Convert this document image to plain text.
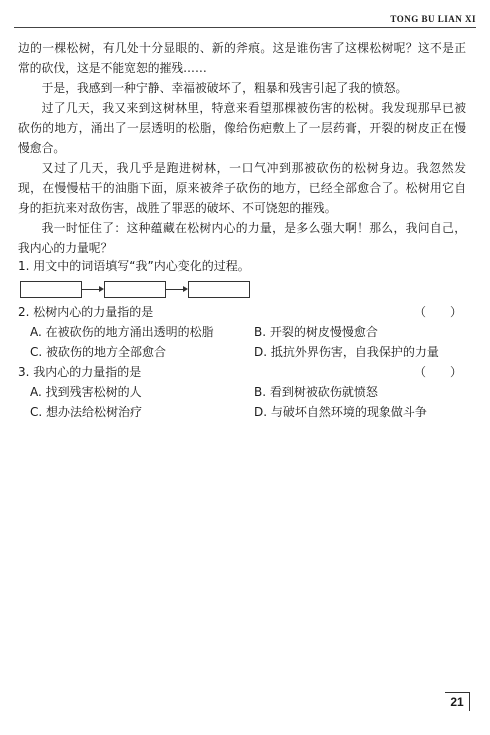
TONG BU LIAN XI

边的一棵松树，有几处十分显眼的、新的斧痕。这是谁伤害了这棵松树呢？这不是正常的砍伐，这是不能宽恕的摧残……

于是，我感到一种宁静、幸福被破坏了，粗暴和残害引起了我的愤怒。

过了几天，我又来到这树林里，特意来看望那棵被伤害的松树。我发现那早已被砍伤的地方，涌出了一层透明的松脂，像给伤疤敷上了一层药膏，开裂的树皮正在慢慢愈合。

又过了几天，我几乎是跑进树林，一口气冲到那被砍伤的松树身边。我忽然发现，在慢慢枯干的油脂下面，原来被斧子砍伤的地方，已经全部愈合了。松树用它自身的拒抗来对敌伤害，战胜了罪恶的破坏、不可饶恕的摧残。

我一时怔住了：这种蕴藏在松树内心的力量，是多么强大啊！那么，我问自己，我内心的力量呢？

1. 用文中的词语填写“我”内心变化的过程。
2. 松树内心的力量指的是	（　　）
A. 在被砍伤的地方涌出透明的松脂	B. 开裂的树皮慢慢愈合
C. 被砍伤的地方全部愈合	D. 抵抗外界伤害，自我保护的力量
3. 我内心的力量指的是	（　　）
A. 找到残害松树的人	B. 看到树被砍伤就愤怒
C. 想办法给松树治疗	D. 与破坏自然环境的现象做斗争
21
